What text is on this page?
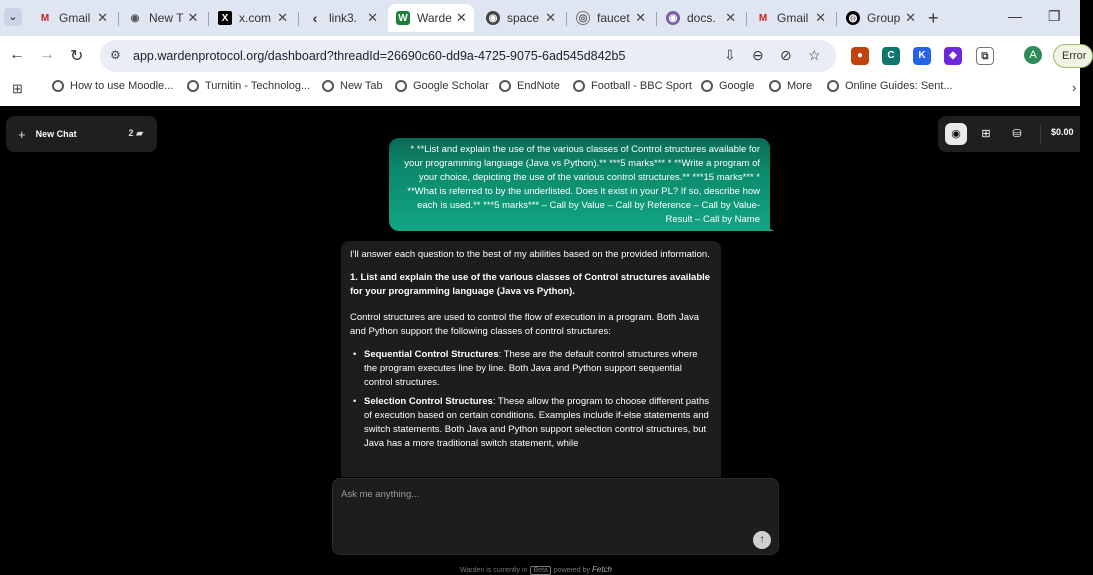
⌄	M Gmail ✕ ◉ New T ✕	X x.com ✕	‹ link3. ✕ W Warde ✕ ◉ space ✕ ◎ faucet ✕ ◉ docs. ✕ M Gmail ✕ ◍ Group ✕ +	— ❐
← → ↻ ⚙ app.wardenprotocol.org/dashboard?threadId=26690c60-dd9a-4725-9075-6ad545d842b5	⇩ ⊖ ⊘ ☆	●	C	K	◆	⧉	A	Error
⊞	How to use Moodle...	Turnitin - Technolog...	New Tab	Google Scholar	EndNote	Football - BBC Sport Google	More	Online Guides: Sent...	›
+ New Chat	2 ▰	◉	⊞	⛁	$0.00
* **List and explain the use of the various classes of Control structures available for your programming language (Java vs Python).** ***5 marks*** * **Write a program of your choice, depicting the use of the various control structures.** ***15 marks*** * **What is referred to by the underlisted. Does it exist in your PL? If so, describe how each is used.** ***5 marks*** – Call by Value – Call by Reference – Call by Value-Result – Call by Name

I'll answer each question to the best of my abilities based on the provided information.

1. List and explain the use of the various classes of Control structures available for your programming language (Java vs Python).

Control structures are used to control the flow of execution in a program. Both Java and Python support the following classes of control structures:

• Sequential Control Structures: These are the default control structures where the program executes line by line. Both Java and Python support sequential control structures.
• Selection Control Structures: These allow the program to choose different paths of execution based on certain conditions. Examples include if-else statements and switch statements. Both Java and Python support selection control structures, but Java has a more traditional switch statement, while
Ask me anything...
↑
Warden is currently in Beta powered by Fetch
